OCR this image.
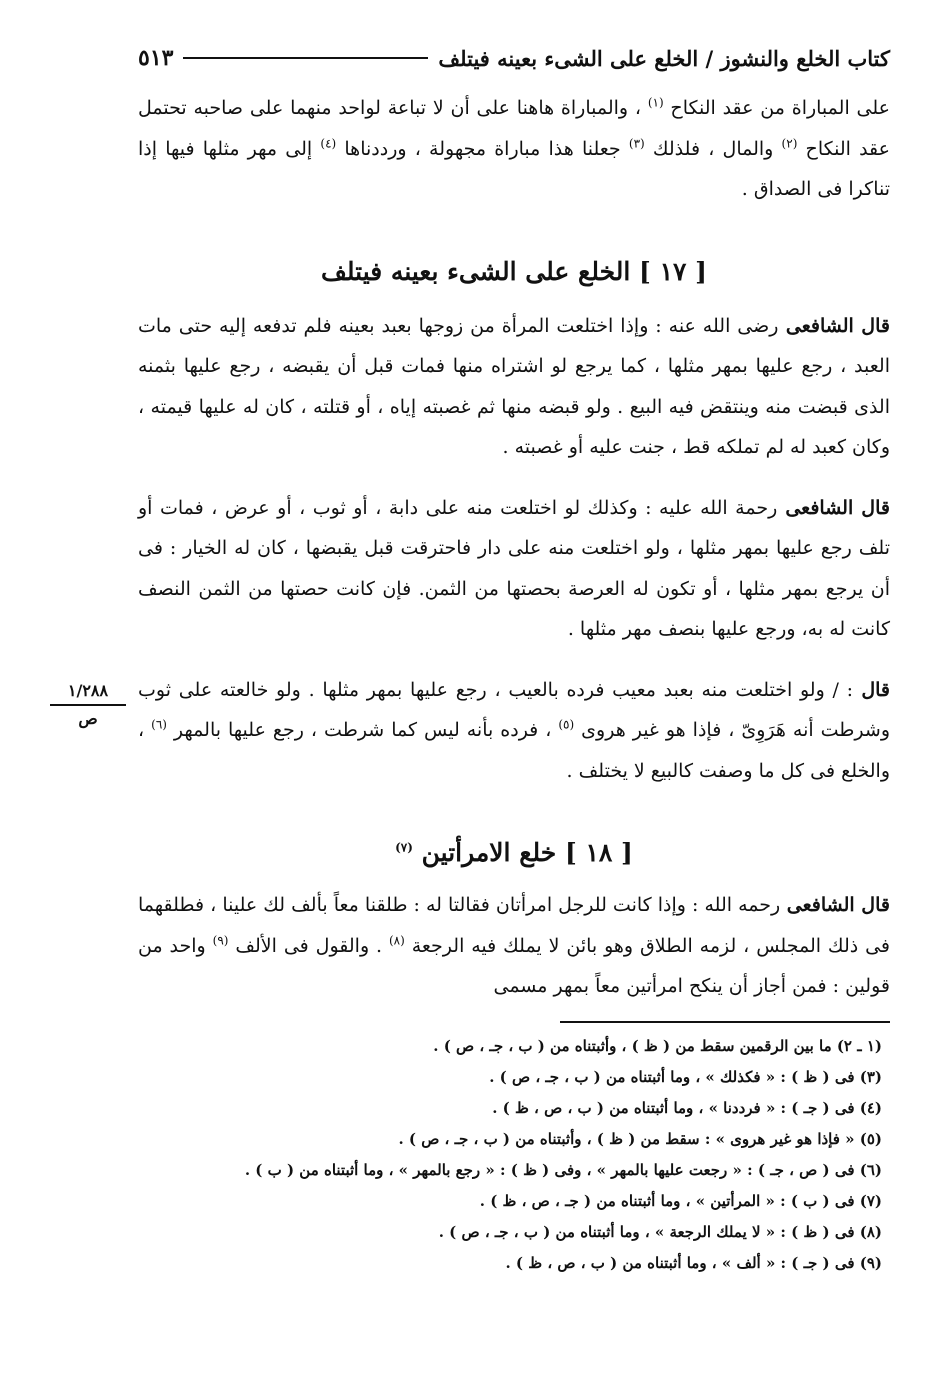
كتاب الخلع والنشوز / الخلع على الشىء بعينه فيتلف
٥١٣

على المباراة من عقد النكاح $^{(١)}$ ، والمباراة هاهنا على أن لا تباعة لواحد منهما على صاحبه تحتمل عقد النكاح $^{(٢)}$ والمال ، فلذلك $^{(٣)}$ جعلنا هذا مباراة مجهولة ، ورددناها $^{(٤)}$ إلى مهر مثلها فيها إذا تناكرا فى الصداق .

[ ١٧ ] الخلع على الشىء بعينه فيتلف

قال الشافعى رضى الله عنه : وإذا اختلعت المرأة من زوجها بعبد بعينه فلم تدفعه إليه حتى مات العبد ، رجع عليها بمهر مثلها ، كما يرجع لو اشتراه منها فمات قبل أن يقبضه ، رجع عليها بثمنه الذى قبضت منه وينتقض فيه البيع . ولو قبضه منها ثم غصبته إياه ، أو قتلته ، كان له عليها قيمته ، وكان كعبد له لم تملكه قط ، جنت عليه أو غصبته .

قال الشافعى رحمة الله عليه : وكذلك لو اختلعت منه على دابة ، أو ثوب ، أو عرض ، فمات أو تلف رجع عليها بمهر مثلها ، ولو اختلعت منه على دار فاحترقت قبل يقبضها ، كان له الخيار : فى أن يرجع بمهر مثلها ، أو تكون له العرصة بحصتها من الثمن. فإن كانت حصتها من الثمن النصف كانت له به، ورجع عليها بنصف مهر مثلها .

قال : / ولو اختلعت منه بعبد معيب فرده بالعيب ، رجع عليها بمهر مثلها . ولو خالعته على ثوب وشرطت أنه هَرَوِىّ ، فإذا هو غير هروى $^{(٥)}$ ، فرده بأنه ليس كما شرطت ، رجع عليها بالمهر $^{(٦)}$ ، والخلع فى كل ما وصفت كالبيع لا يختلف .

[ ١٨ ] خلع الامرأتين $^{(٧)}$

قال الشافعى رحمه الله : وإذا كانت للرجل امرأتان فقالتا له : طلقنا معاً بألف لك علينا ، فطلقهما فى ذلك المجلس ، لزمه الطلاق وهو بائن لا يملك فيه الرجعة $^{(٨)}$ . والقول فى الألف $^{(٩)}$ واحد من قولين : فمن أجاز أن ينكح امرأتين معاً بمهر مسمى

(١ ـ ٢) ما بين الرقمين سقط من ( ظ ) ، وأثبتناه من ( ب ، جـ ، ص ) .
(٣) فى ( ظ ) : « فكذلك » ، وما أثبتناه من ( ب ، جـ ، ص ) .
(٤) فى ( جـ ) : « فرددنا » ، وما أثبتناه من ( ب ، ص ، ظ ) .
(٥) « فإذا هو غير هروى » : سقط من ( ظ ) ، وأثبتناه من ( ب ، جـ ، ص ) .
(٦) فى ( ص ، جـ ) : « رجعت عليها بالمهر » ، وفى ( ظ ) : « رجع بالمهر » ، وما أثبتناه من ( ب ) .
(٧) فى ( ب ) : « المرأتين » ، وما أثبتناه من ( جـ ، ص ، ظ ) .
(٨) فى ( ظ ) : « لا يملك الرجعة » ، وما أثبتناه من ( ب ، جـ ، ص ) .
(٩) فى ( جـ ) : « ألف » ، وما أثبتناه من ( ب ، ص ، ظ ) .
١/٢٨٨
ص
